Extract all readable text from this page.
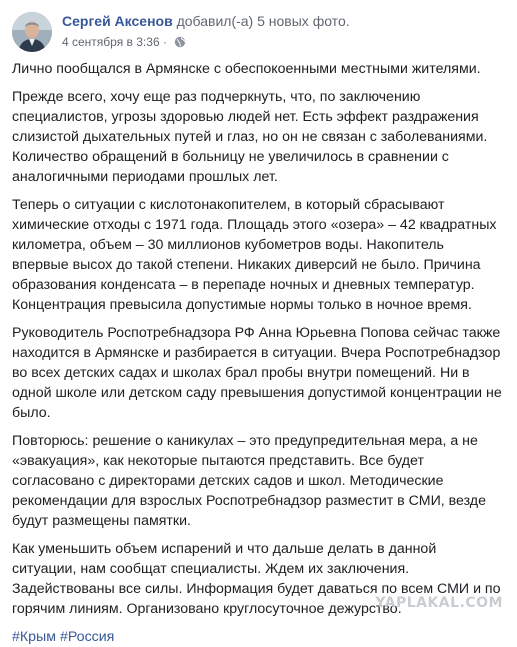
Сергей Аксенов добавил(-а) 5 новых фото.
4 сентября в 3:36 ·

Лично пообщался в Армянске с обеспокоенными местными жителями.

Прежде всего, хочу еще раз подчеркнуть, что, по заключению специалистов, угрозы здоровью людей нет. Есть эффект раздражения слизистой дыхательных путей и глаз, но он не связан с заболеваниями. Количество обращений в больницу не увеличилось в сравнении с аналогичными периодами прошлых лет.

Теперь о ситуации с кислотонакопителем, в который сбрасывают химические отходы с 1971 года. Площадь этого «озера» – 42 квадратных километра, объем – 30 миллионов кубометров воды. Накопитель впервые высох до такой степени. Никаких диверсий не было. Причина образования конденсата – в перепаде ночных и дневных температур. Концентрация превысила допустимые нормы только в ночное время.

Руководитель Роспотребнадзора РФ Анна Юрьевна Попова сейчас также находится в Армянске и разбирается в ситуации. Вчера Роспотребнадзор во всех детских садах и школах брал пробы внутри помещений. Ни в одной школе или детском саду превышения допустимой концентрации не было.

Повторюсь: решение о каникулах – это предупредительная мера, а не «эвакуация», как некоторые пытаются представить. Все будет согласовано с директорами детских садов и школ. Методические рекомендации для взрослых Роспотребнадзор разместит в СМИ, везде будут размещены памятки.

Как уменьшить объем испарений и что дальше делать в данной ситуации, нам сообщат специалисты. Ждем их заключения. Задействованы все силы. Информация будет даваться по всем СМИ и по горячим линиям. Организовано круглосуточное дежурство.

#Крым #Россия
YAPLAKAL.COM
